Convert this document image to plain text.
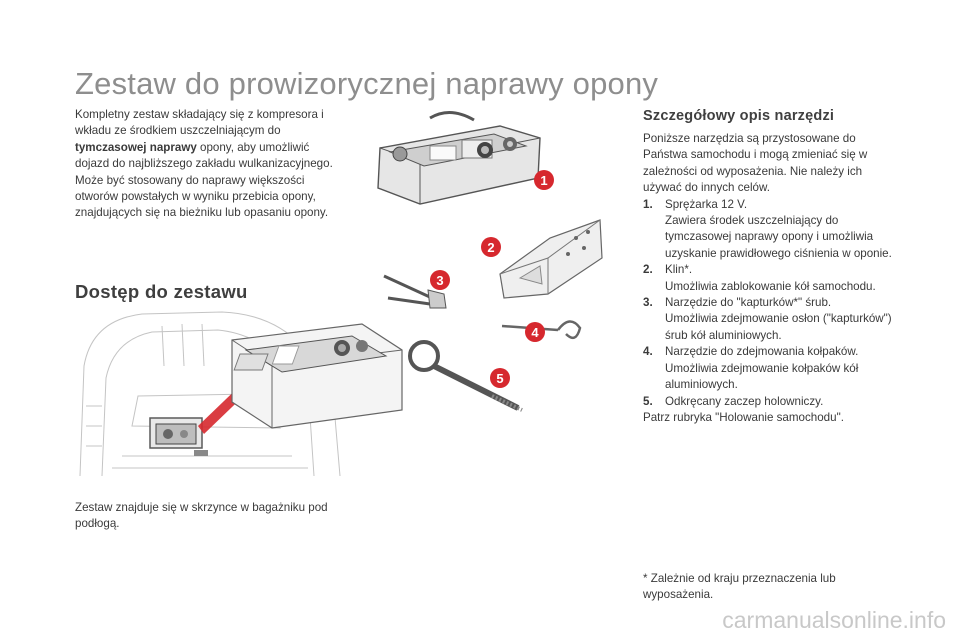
Zestaw do prowizorycznej naprawy opony
Kompletny zestaw składający się z kompresora i wkładu ze środkiem uszczelniającym do tymczasowej naprawy opony, aby umożliwić dojazd do najbliższego zakładu wulkanizacyjnego.
Może być stosowany do naprawy większości otworów powstałych w wyniku przebicia opony, znajdujących się na bieżniku lub opasaniu opony.
Dostęp do zestawu
Zestaw znajduje się w skrzynce w bagażniku pod podłogą.
1
2
3
4
5
Szczegółowy opis narzędzi
Poniższe narzędzia są przystosowane do Państwa samochodu i mogą zmieniać się w zależności od wyposażenia. Nie należy ich używać do innych celów.
1. Sprężarka 12 V.
Zawiera środek uszczelniający do tymczasowej naprawy opony i umożliwia uzyskanie prawidłowego ciśnienia w oponie.
2. Klin*.
Umożliwia zablokowanie kół samochodu.
3. Narzędzie do "kapturków*" śrub.
Umożliwia zdejmowanie osłon ("kapturków") śrub kół aluminiowych.
4. Narzędzie do zdejmowania kołpaków.
Umożliwia zdejmowanie kołpaków kół aluminiowych.
5. Odkręcany zaczep holowniczy.
Patrz rubryka "Holowanie samochodu".
* Zależnie od kraju przeznaczenia lub wyposażenia.
carmanualsonline.info
